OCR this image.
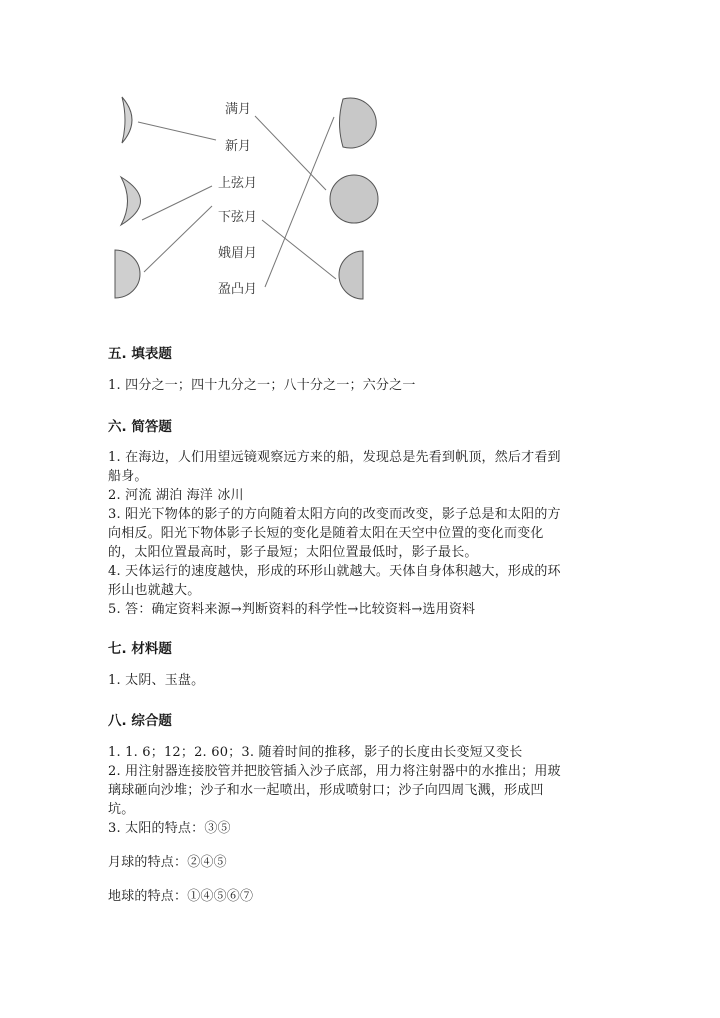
满月
新月
上弦月
下弦月
娥眉月
盈凸月
五. 填表题
1. 四分之一；四十九分之一；八十分之一；六分之一
六. 简答题
1. 在海边，人们用望远镜观察远方来的船，发现总是先看到帆顶，然后才看到
船身。
2. 河流 湖泊 海洋 冰川
3. 阳光下物体的影子的方向随着太阳方向的改变而改变，影子总是和太阳的方
向相反。阳光下物体影子长短的变化是随着太阳在天空中位置的变化而变化
的，太阳位置最高时，影子最短；太阳位置最低时，影子最长。
4. 天体运行的速度越快，形成的环形山就越大。天体自身体积越大，形成的环
形山也就越大。
5. 答：确定资料来源→判断资料的科学性→比较资料→选用资料
七. 材料题
1. 太阴、玉盘。
八. 综合题
1. 1. 6；12；2. 60；3. 随着时间的推移，影子的长度由长变短又变长
2. 用注射器连接胶管并把胶管插入沙子底部，用力将注射器中的水推出；用玻
璃球砸向沙堆；沙子和水一起喷出，形成喷射口；沙子向四周飞溅，形成凹
坑。
3. 太阳的特点：③⑤
月球的特点：②④⑤
地球的特点：①④⑤⑥⑦
